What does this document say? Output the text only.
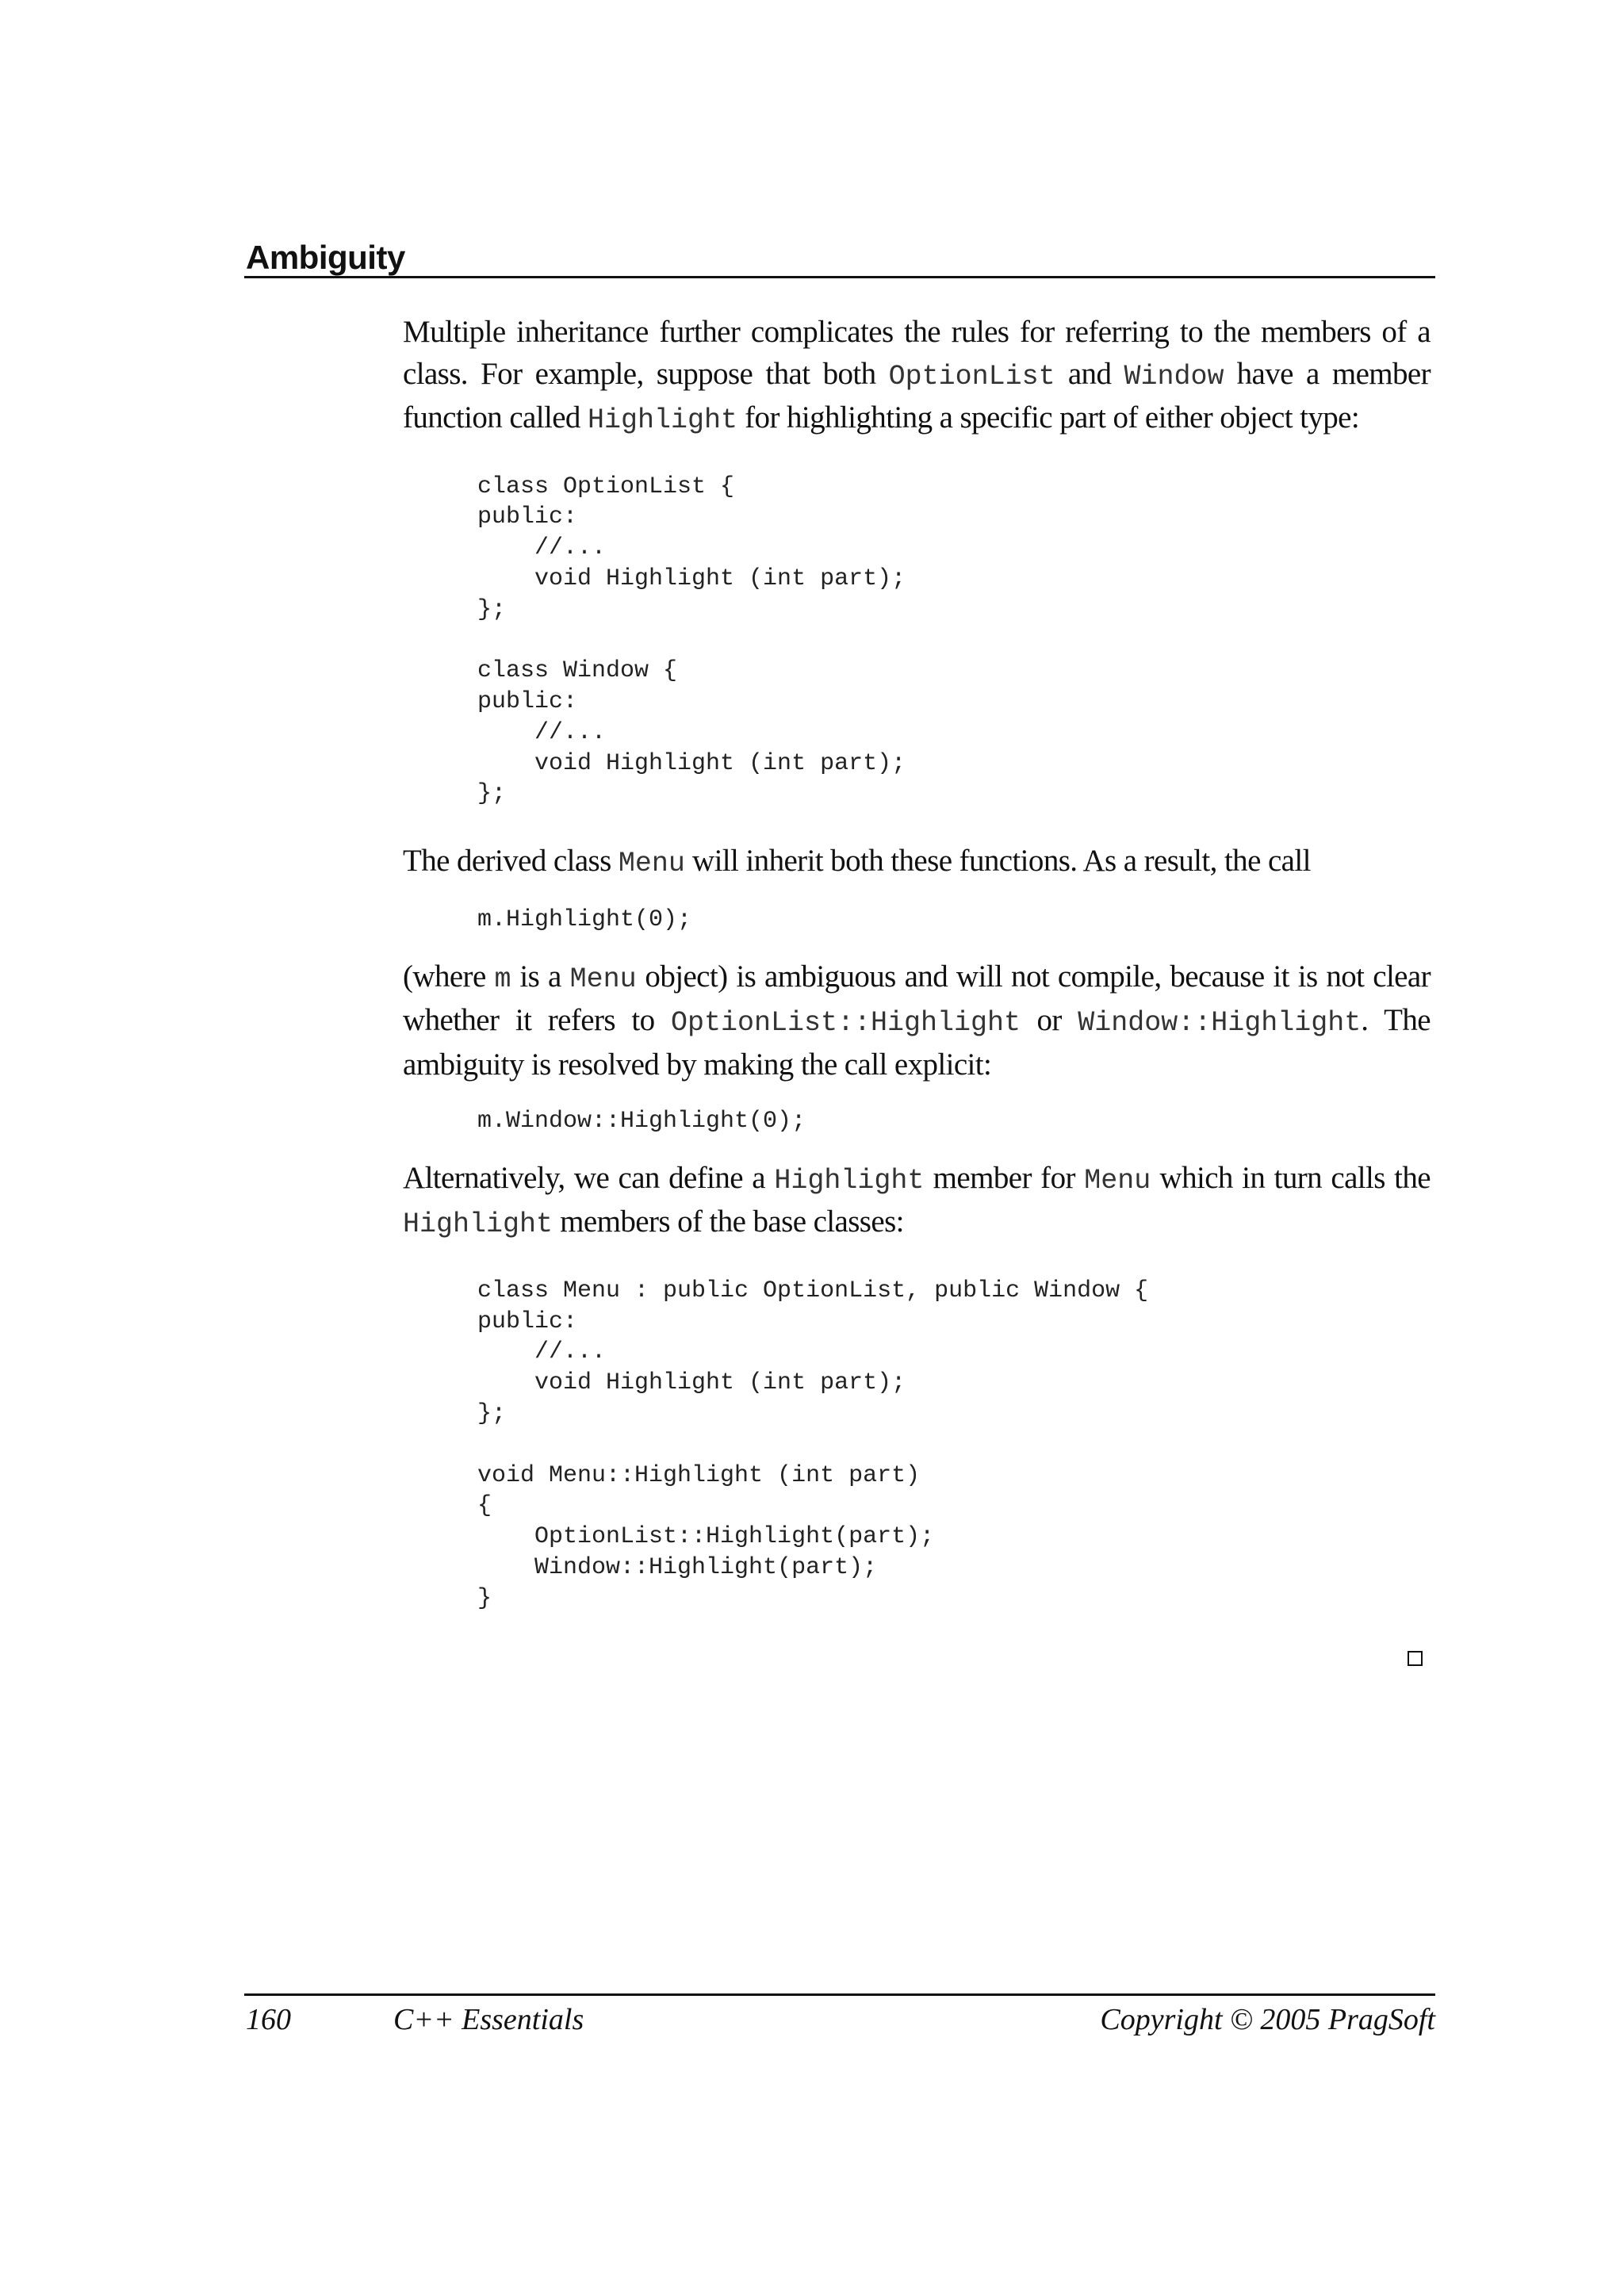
Ambiguity

Multiple inheritance further complicates the rules for referring to the members of a class. For example, suppose that both OptionList and Window have a member function called Highlight for highlighting a specific part of either object type:

class OptionList {
public:
//...
void Highlight (int part);
};

class Window {
public:
//...
void Highlight (int part);
};

The derived class Menu will inherit both these functions. As a result, the call

m.Highlight(0);

(where m is a Menu object) is ambiguous and will not compile, because it is not clear whether it refers to OptionList::Highlight or Window::Highlight. The ambiguity is resolved by making the call explicit:

m.Window::Highlight(0);

Alternatively, we can define a Highlight member for Menu which in turn calls the Highlight members of the base classes:

class Menu : public OptionList, public Window {
public:
//...
void Highlight (int part);
};

void Menu::Highlight (int part)
{
OptionList::Highlight(part);
Window::Highlight(part);
}
160	C++ Essentials	Copyright © 2005 PragSoft
